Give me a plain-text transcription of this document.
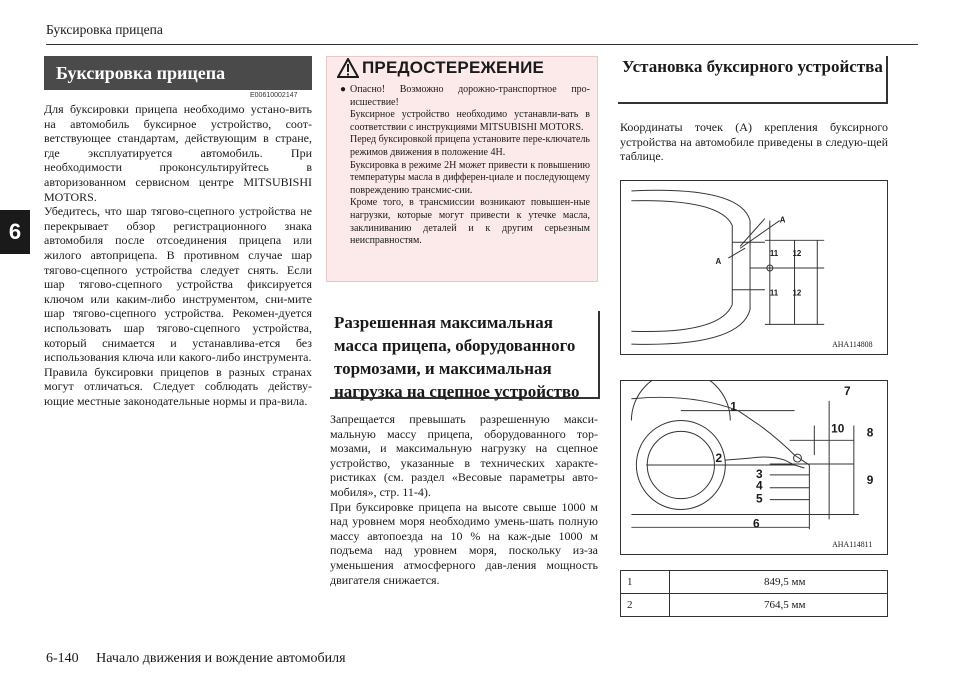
Буксировка прицепа
6
Буксировка прицепа
E00610002147

Для буксировки прицепа необходимо устано-вить на автомобиль буксирное устройство, соот-ветствующее стандартам, действующим в стране, где эксплуатируется автомобиль. При необходимости проконсультируйтесь в авторизованном сервисном центре MITSUBISHI MOTORS.

Убедитесь, что шар тягово-сцепного устройства не перекрывает обзор регистрационного знака автомобиля после отсоединения прицепа или жилого автоприцепа. В противном случае шар тягово-сцепного устройства следует снять. Если шар тягово-сцепного устройства фиксируется ключом или каким-либо инструментом, сни-мите шар тягово-сцепного устройства. Рекомен-дуется использовать шар тягово-сцепного устройства, который снимается и устанавлива-ется без использования ключа или какого-либо инструмента.

Правила буксировки прицепов в разных странах могут отличаться. Следует соблюдать действу-ющие местные законодательные нормы и пра-вила.

ПРЕДОСТЕРЕЖЕНИЕ

● Опасно! Возможно дорожно-транспортное про-исшествие!

Буксирное устройство необходимо устанавли-вать в соответствии с инструкциями MITSUBISHI MOTORS.

Перед буксировкой прицепа установите пере-ключатель режимов движения в положение 4H.

Буксировка в режиме 2H может привести к повышению температуры масла в дифферен-циале и последующему повреждению трансмис-сии.

Кроме того, в трансмиссии возникают повышен-ные нагрузки, которые могут привести к утечке масла, заклиниванию деталей и к другим серьезным неисправностям.

Разрешенная максимальная масса прицепа, оборудованного тормозами, и максимальная нагрузка на сцепное устройство

Запрещается превышать разрешенную макси-мальную массу прицепа, оборудованного тор-мозами, и максимальную нагрузку на сцепное устройство, указанные в технических характе-ристиках (см. раздел «Весовые параметры авто-мобиля», стр. 11-4).

При буксировке прицепа на высоте свыше 1000 м над уровнем моря необходимо умень-шать полную массу автопоезда на 10 % на каж-дые 1000 м подъема над уровнем моря, поскольку из-за уменьшения атмосферного дав-ления мощность двигателя снижается.

Установка буксирного устройства
Координаты точек (A) крепления буксирного устройства на автомобиле приведены в следую-щей таблице.
A
A
11 12
11 12
AHA114808
1
2
3
4
5
6
7
8
9
10
AHA114811
1	849,5 мм
2	764,5 мм
6-140 Начало движения и вождение автомобиля
